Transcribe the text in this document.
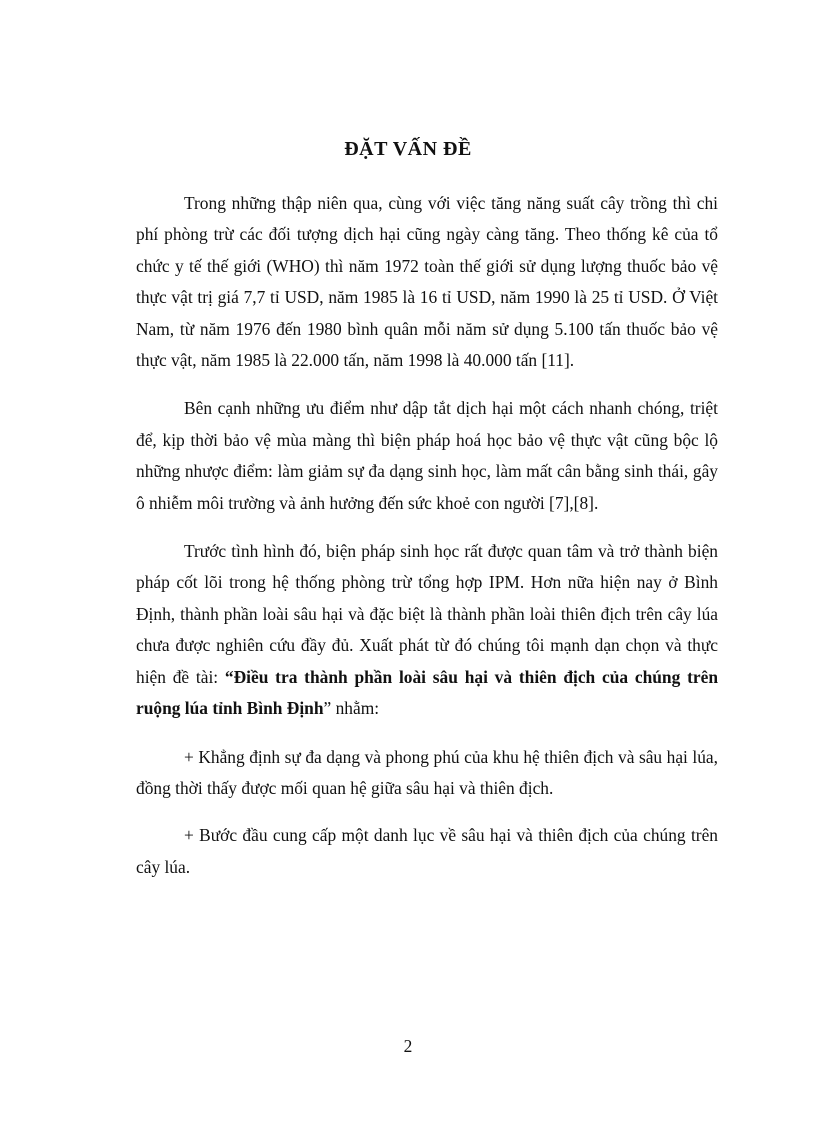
ĐẶT VẤN ĐỀ

Trong những thập niên qua, cùng với việc tăng năng suất cây trồng thì chi phí phòng trừ các đối tượng dịch hại cũng ngày càng tăng. Theo thống kê của tổ chức y tế thế giới (WHO) thì năm 1972 toàn thế giới sử dụng lượng thuốc bảo vệ thực vật trị giá 7,7 tỉ USD, năm 1985 là 16 tỉ USD, năm 1990 là 25 tỉ USD. Ở Việt Nam, từ năm 1976 đến 1980 bình quân mỗi năm sử dụng 5.100 tấn thuốc bảo vệ thực vật, năm 1985 là 22.000 tấn, năm 1998 là 40.000 tấn [11].

Bên cạnh những ưu điểm như dập tắt dịch hại một cách nhanh chóng, triệt để, kịp thời bảo vệ mùa màng thì biện pháp hoá học bảo vệ thực vật cũng bộc lộ những nhược điểm: làm giảm sự đa dạng sinh học, làm mất cân bằng sinh thái, gây ô nhiễm môi trường và ảnh hưởng đến sức khoẻ con người [7],[8].

Trước tình hình đó, biện pháp sinh học rất được quan tâm và trở thành biện pháp cốt lõi trong hệ thống phòng trừ tổng hợp IPM. Hơn nữa hiện nay ở Bình Định, thành phần loài sâu hại và đặc biệt là thành phần loài thiên địch trên cây lúa chưa được nghiên cứu đầy đủ. Xuất phát từ đó chúng tôi mạnh dạn chọn và thực hiện đề tài: “Điều tra thành phần loài sâu hại và thiên địch của chúng trên ruộng lúa tỉnh Bình Định” nhằm:

+ Khẳng định sự đa dạng và phong phú của khu hệ thiên địch và sâu hại lúa, đồng thời thấy được mối quan hệ giữa sâu hại và thiên địch.

+ Bước đầu cung cấp một danh lục về sâu hại và thiên địch của chúng trên cây lúa.

2
